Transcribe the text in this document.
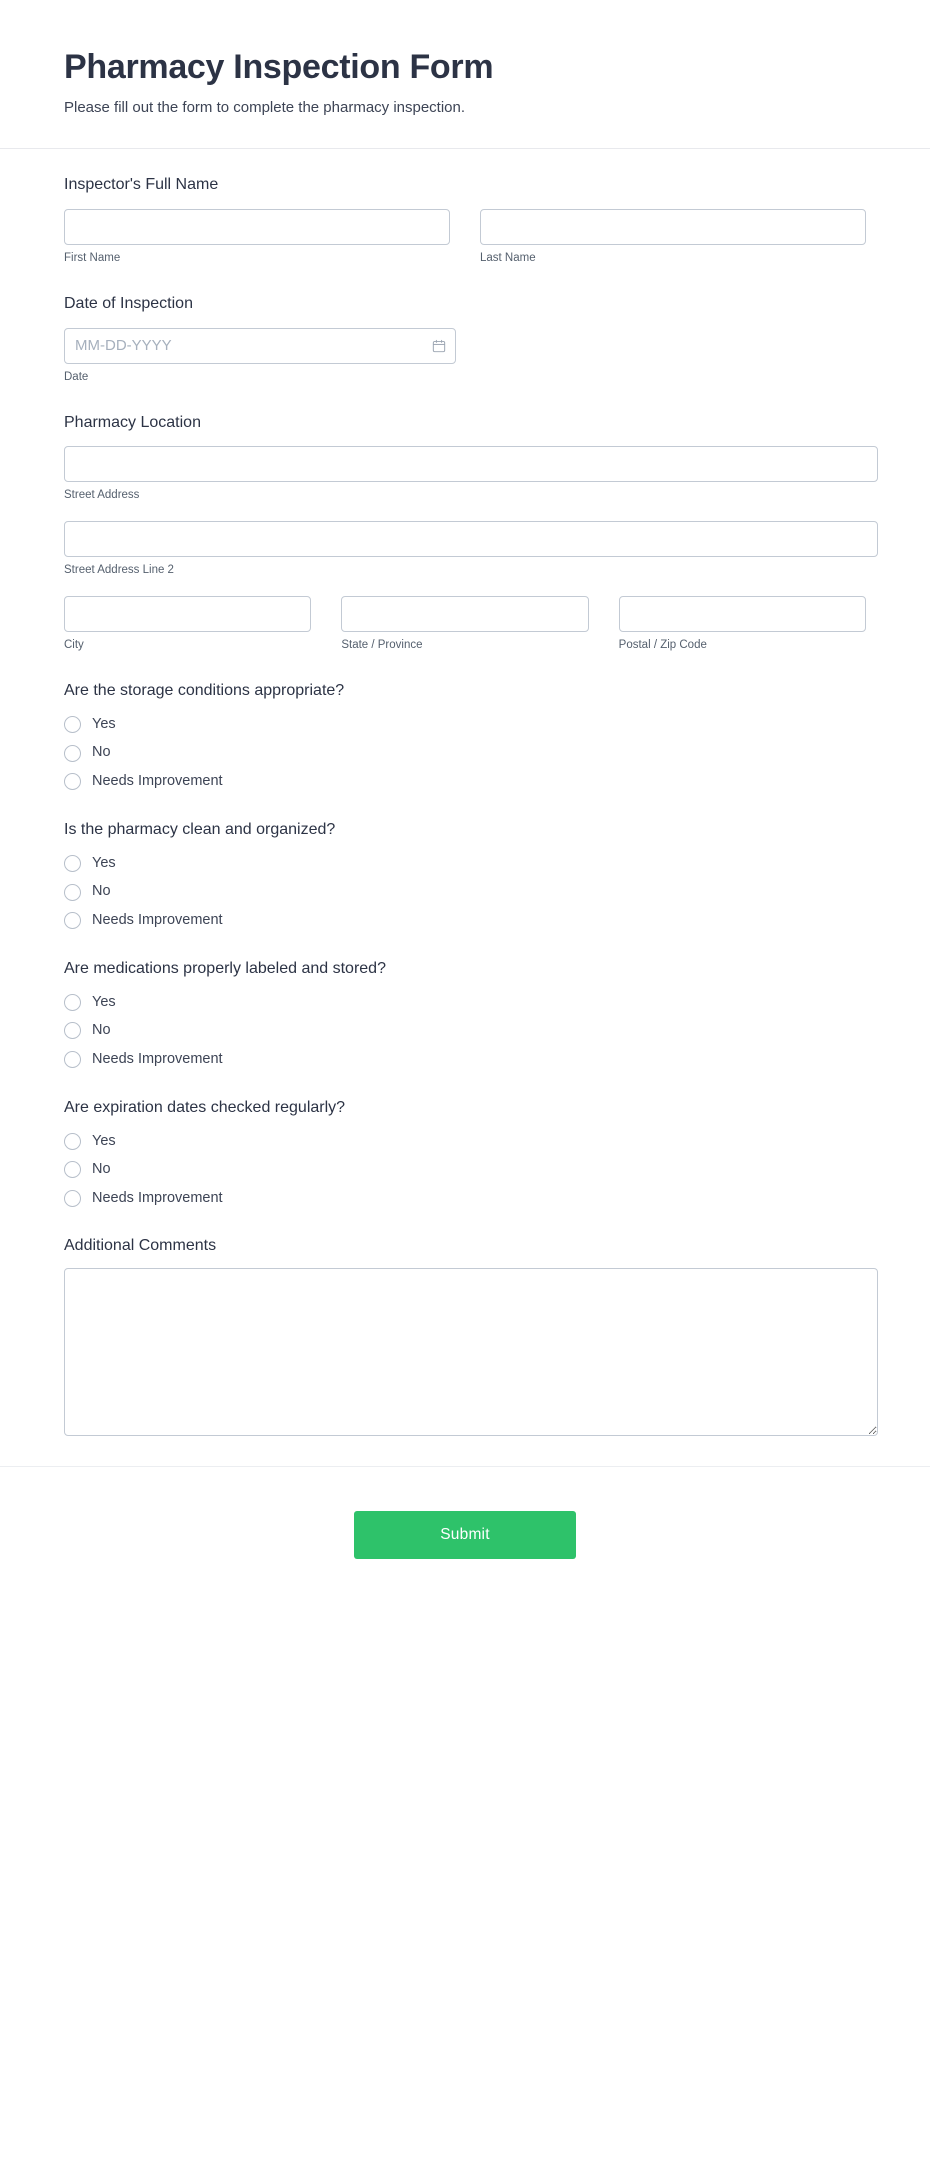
Pharmacy Inspection Form

Please fill out the form to complete the pharmacy inspection.

Inspector's Full Name
First Name	Last Name
Date of Inspection
MM-DD-YYYY
Date
Pharmacy Location
Street Address
Street Address Line 2
City	State / Province	Postal / Zip Code
Are the storage conditions appropriate?
Yes
No
Needs Improvement
Is the pharmacy clean and organized?
Yes
No
Needs Improvement
Are medications properly labeled and stored?
Yes
No
Needs Improvement
Are expiration dates checked regularly?
Yes
No
Needs Improvement
Additional Comments
Submit
